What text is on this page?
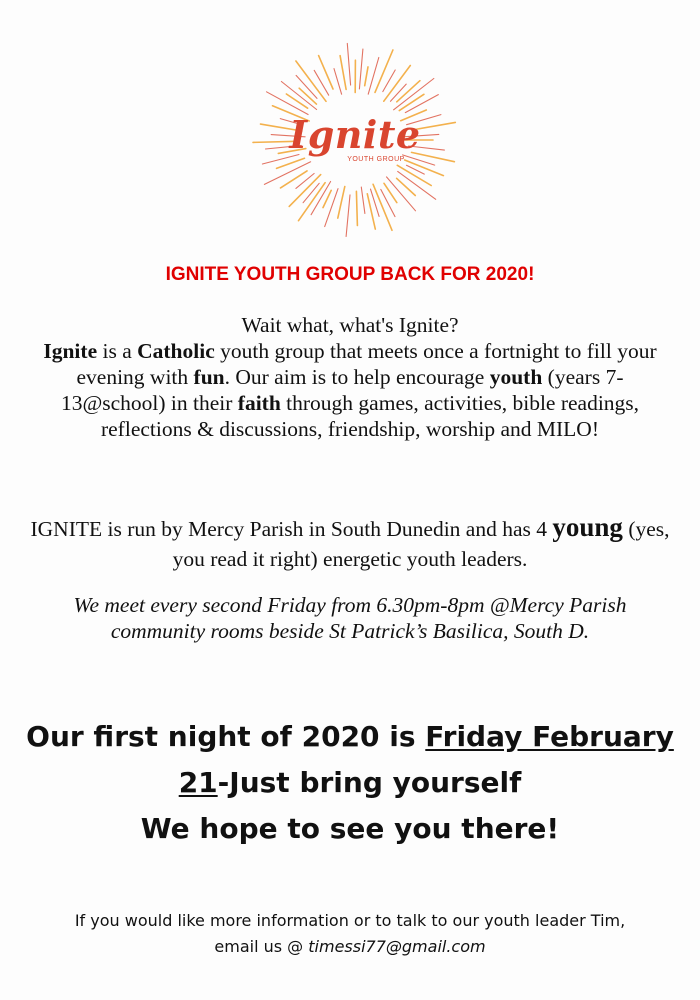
Ignite
YOUTH GROUP
IGNITE YOUTH GROUP BACK FOR 2020!
Wait what, what's Ignite?
Ignite is a Catholic youth group that meets once a fortnight to fill your evening with fun. Our aim is to help encourage youth (years 7-13@school) in their faith through games, activities, bible readings, reflections & discussions, friendship, worship and MILO!
IGNITE is run by Mercy Parish in South Dunedin and has 4 young (yes, you read it right) energetic youth leaders.
We meet every second Friday from 6.30pm-8pm @Mercy Parish community rooms beside St Patrick’s Basilica, South D.
Our first night of 2020 is Friday February 21-Just bring yourself
We hope to see you there!
If you would like more information or to talk to our youth leader Tim,
email us @ timessi77@gmail.com
